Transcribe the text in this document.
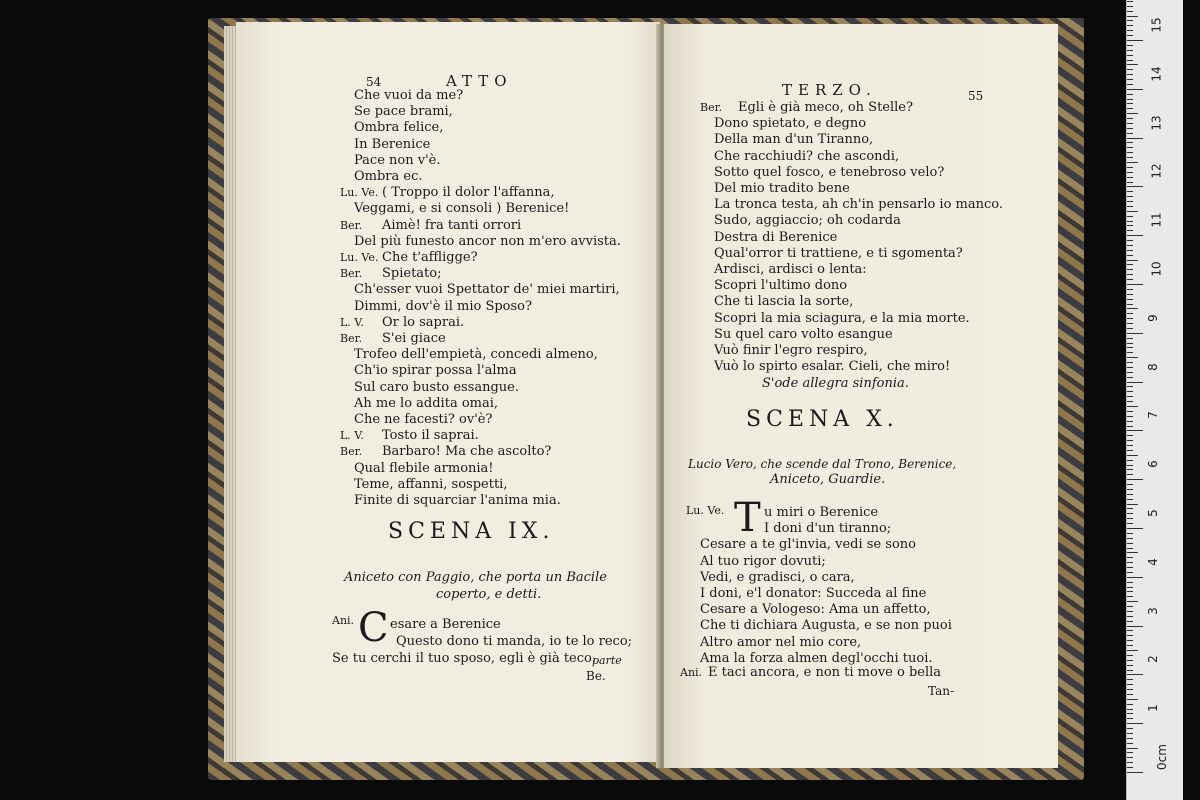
54	ATTO
Che vuoi da me?
Se pace brami,
Ombra felice,
In Berenice
Pace non v'è.
Ombra ec.
Lu. Ve. ( Troppo il dolor l'affanna,
Veggami, e si consoli ) Berenice!
Ber. Aimè! fra tanti orrori
Del più funesto ancor non m'ero avvista.
Lu. Ve. Che t'affligge?
Ber. Spietato;
Ch'esser vuoi Spettator de' miei martiri,
Dimmi, dov'è il mio Sposo?
L. V. Or lo saprai.
Ber. S'ei giace
Trofeo dell'empietà, concedi almeno,
Ch'io spirar possa l'alma
Sul caro busto essangue.
Ah me lo addita omai,
Che ne facesti? ov'è?
L. V. Tosto il saprai.
Ber. Barbaro! Ma che ascolto?
Qual flebile armonia!
Teme, affanni, sospetti,
Finite di squarciar l'anima mia.
SCENA IX.
Aniceto con Paggio, che porta un Bacile
coperto, e detti.
Ani. C esare a Berenice
Questo dono ti manda, io te lo reco;
Se tu cerchi il tuo sposo, egli è già teco.
parte
Be.
TERZO.	55
Ber. Egli è già meco, oh Stelle?
Dono spietato, e degno
Della man d'un Tiranno,
Che racchiudi? che ascondi,
Sotto quel fosco, e tenebroso velo?
Del mio tradito bene
La tronca testa, ah ch'in pensarlo io manco.
Sudo, aggiaccio; oh codarda
Destra di Berenice
Qual'orror ti trattiene, e ti sgomenta?
Ardisci, ardisci o lenta:
Scopri l'ultimo dono
Che ti lascia la sorte,
Scopri la mia sciagura, e la mia morte.
Su quel caro volto esangue
Vuò finir l'egro respiro,
Vuò lo spirto esalar. Cieli, che miro!
S'ode allegra sinfonia.
SCENA X.
Lucio Vero, che scende dal Trono, Berenice,
Aniceto, Guardie.
Lu. Ve. T u miri o Berenice
I doni d'un tiranno;
Cesare a te gl'invia, vedi se sono
Al tuo rigor dovuti;
Vedi, e gradisci, o cara,
I doni, e'l donator: Succeda al fine
Cesare a Vologeso: Ama un affetto,
Che ti dichiara Augusta, e se non puoi
Altro amor nel mio core,
Ama la forza almen degl'occhi tuoi.
Ani. E taci ancora, e non ti move o bella
Tan-
0cm
1
2
3
4
5
6
7
8
9
10
11
12
13
14
15
